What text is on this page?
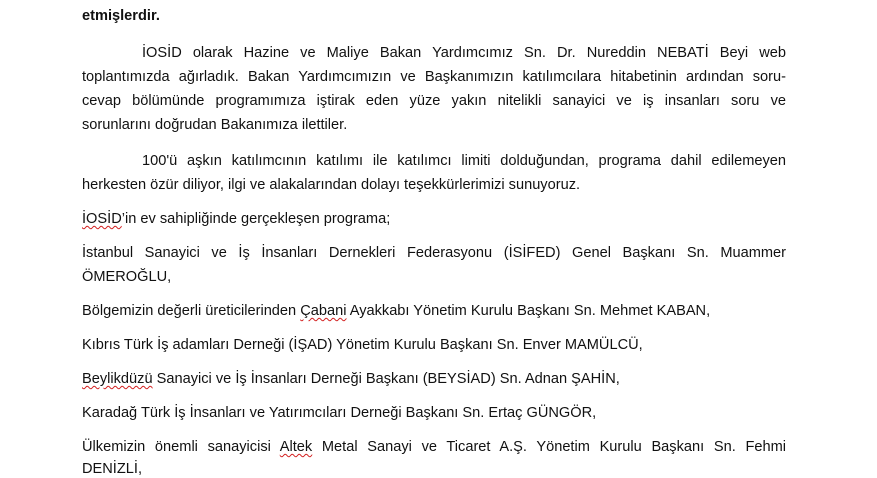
etmişlerdir.
İOSİD olarak Hazine ve Maliye Bakan Yardımcımız Sn. Dr. Nureddin NEBATİ Beyi web
toplantımızda ağırladık. Bakan Yardımcımızın ve Başkanımızın katılımcılara hitabetinin ardından soru-
cevap bölümünde programımıza iştirak eden yüze yakın nitelikli sanayici ve iş insanları soru ve
sorunlarını doğrudan Bakanımıza ilettiler.
100'ü aşkın katılımcının katılımı ile katılımcı limiti dolduğundan, programa dahil edilemeyen
herkesten özür diliyor, ilgi ve alakalarından dolayı teşekkürlerimizi sunuyoruz.
İOSİD’in ev sahipliğinde gerçekleşen programa;
İstanbul Sanayici ve İş İnsanları Dernekleri Federasyonu (İSİFED) Genel Başkanı Sn. Muammer
ÖMEROĞLU,
Bölgemizin değerli üreticilerinden Çabani Ayakkabı Yönetim Kurulu Başkanı Sn. Mehmet KABAN,
Kıbrıs Türk İş adamları Derneği (İŞAD) Yönetim Kurulu Başkanı Sn. Enver MAMÜLCÜ,
Beylikdüzü Sanayici ve İş İnsanları Derneği Başkanı (BEYSİAD) Sn. Adnan ŞAHİN,
Karadağ Türk İş İnsanları ve Yatırımcıları Derneği Başkanı Sn. Ertaç GÜNGÖR,
Ülkemizin önemli sanayicisi Altek Metal Sanayi ve Ticaret A.Ş. Yönetim Kurulu Başkanı Sn. Fehmi
DENİZLİ,
